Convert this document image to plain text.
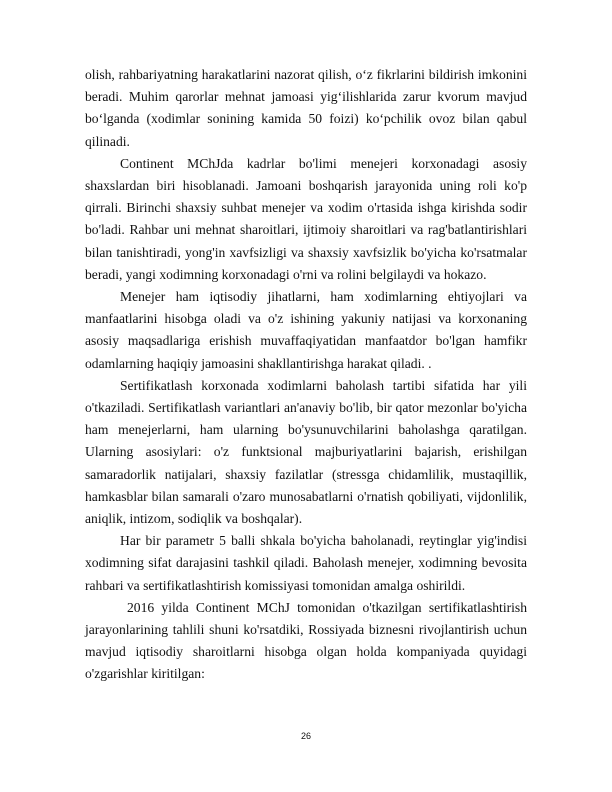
olish, rahbariyatning harakatlarini nazorat qilish, o‘z fikrlarini bildirish imkonini beradi. Muhim qarorlar mehnat jamoasi yig‘ilishlarida zarur kvorum mavjud bo‘lganda (xodimlar sonining kamida 50 foizi) ko‘pchilik ovoz bilan qabul qilinadi.

Continent MChJda kadrlar bo'limi menejeri korxonadagi asosiy shaxslardan biri hisoblanadi. Jamoani boshqarish jarayonida uning roli ko'p qirrali. Birinchi shaxsiy suhbat menejer va xodim o'rtasida ishga kirishda sodir bo'ladi. Rahbar uni mehnat sharoitlari, ijtimoiy sharoitlari va rag'batlantirishlari bilan tanishtiradi, yong'in xavfsizligi va shaxsiy xavfsizlik bo'yicha ko'rsatmalar beradi, yangi xodimning korxonadagi o'rni va rolini belgilaydi va hokazo.

Menejer ham iqtisodiy jihatlarni, ham xodimlarning ehtiyojlari va manfaatlarini hisobga oladi va o'z ishining yakuniy natijasi va korxonaning asosiy maqsadlariga erishish muvaffaqiyatidan manfaatdor bo'lgan hamfikr odamlarning haqiqiy jamoasini shakllantirishga harakat qiladi. .

Sertifikatlash korxonada xodimlarni baholash tartibi sifatida har yili o'tkaziladi. Sertifikatlash variantlari an'anaviy bo'lib, bir qator mezonlar bo'yicha ham menejerlarni, ham ularning bo'ysunuvchilarini baholashga qaratilgan. Ularning asosiylari: o'z funktsional majburiyatlarini bajarish, erishilgan samaradorlik natijalari, shaxsiy fazilatlar (stressga chidamlilik, mustaqillik, hamkasblar bilan samarali o'zaro munosabatlarni o'rnatish qobiliyati, vijdonlilik, aniqlik, intizom, sodiqlik va boshqalar).

Har bir parametr 5 balli shkala bo'yicha baholanadi, reytinglar yig'indisi xodimning sifat darajasini tashkil qiladi. Baholash menejer, xodimning bevosita rahbari va sertifikatlashtirish komissiyasi tomonidan amalga oshirildi.

2016 yilda Continent MChJ tomonidan o'tkazilgan sertifikatlashtirish jarayonlarining tahlili shuni ko'rsatdiki, Rossiyada biznesni rivojlantirish uchun mavjud iqtisodiy sharoitlarni hisobga olgan holda kompaniyada quyidagi o'zgarishlar kiritilgan:

26
